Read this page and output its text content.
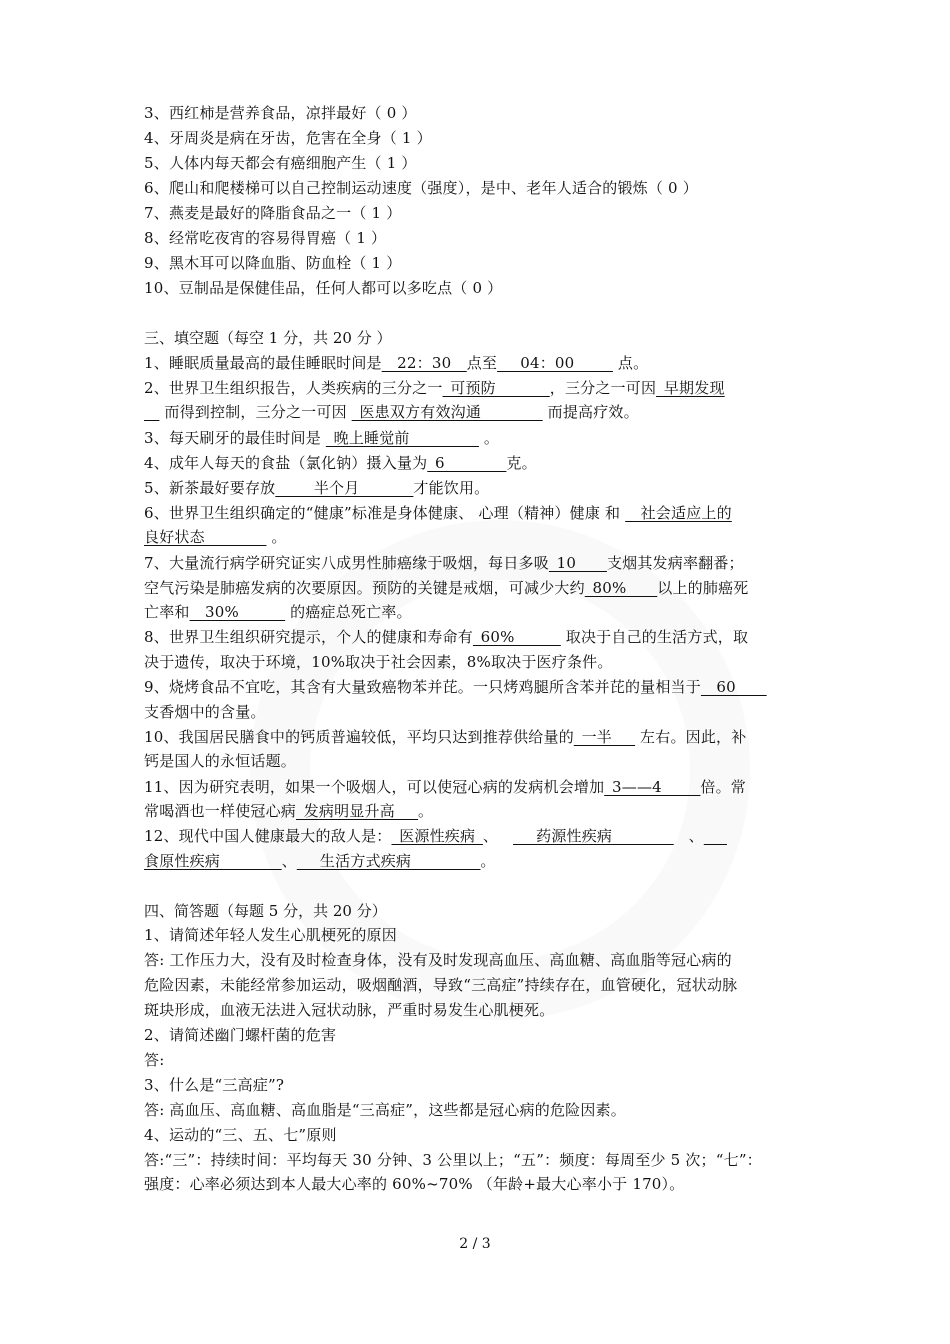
3、西红柿是营养食品，凉拌最好（ 0 ）
4、牙周炎是病在牙齿，危害在全身（ 1 ）
5、人体内每天都会有癌细胞产生（ 1 ）
6、爬山和爬楼梯可以自己控制运动速度（强度），是中、老年人适合的锻炼（ 0 ）
7、燕麦是最好的降脂食品之一（ 1 ）
8、经常吃夜宵的容易得胃癌（ 1 ）
9、黑木耳可以降血脂、防血栓（ 1 ）
10、豆制品是保健佳品，任何人都可以多吃点（ 0 ）
三、填空题（每空 1 分，共 20 分 ）
1、睡眠质量最高的最佳睡眠时间是__22：30__点至___04：00_____ 点。
2、世界卫生组织报告，人类疾病的三分之一_可预防_______，三分之一可因_早期发现
__ 而得到控制，三分之一可因 _医患双方有效沟通________ 而提高疗效。
3、每天刷牙的最佳时间是 _晚上睡觉前_________ 。
4、成年人每天的食盐（氯化钠）摄入量为_6________克。
5、新茶最好要存放_____半个月_______才能饮用。
6、世界卫生组织确定的“健康”标准是身体健康、 心理（精神）健康 和 __社会适应上的
良好状态________ 。
7、大量流行病学研究证实八成男性肺癌缘于吸烟，每日多吸_10____支烟其发病率翻番；
空气污染是肺癌发病的次要原因。预防的关键是戒烟，可减少大约_80%____以上的肺癌死
亡率和__30%______ 的癌症总死亡率。
8、世界卫生组织研究提示，个人的健康和寿命有_60%______ 取决于自己的生活方式，取
决于遗传，取决于环境，10%取决于社会因素，8%取决于医疗条件。
9、烧烤食品不宜吃，其含有大量致癌物苯并芘。一只烤鸡腿所含苯并芘的量相当于__60____
支香烟中的含量。
10、我国居民膳食中的钙质普遍较低，平均只达到推荐供给量的_一半___ 左右。因此，补
钙是国人的永恒话题。
11、因为研究表明，如果一个吸烟人，可以使冠心病的发病机会增加_3——4_____倍。常
常喝酒也一样使冠心病_发病明显升高___。
12、现代中国人健康最大的敌人是：_医源性疾病_、 ___药源性疾病________ 、___
食原性疾病________、___生活方式疾病_________。
四、简答题（每题 5 分，共 20 分）
1、请简述年轻人发生心肌梗死的原因
答: 工作压力大，没有及时检查身体，没有及时发现高血压、高血糖、高血脂等冠心病的
危险因素，未能经常参加运动，吸烟酗酒，导致“三高症”持续存在，血管硬化，冠状动脉
斑块形成，血液无法进入冠状动脉，严重时易发生心肌梗死。
2、请简述幽门螺杆菌的危害
答:
3、什么是“三高症”?
答: 高血压、高血糖、高血脂是“三高症”，这些都是冠心病的危险因素。
4、运动的“三、五、七”原则
答:“三”：持续时间：平均每天 30 分钟、3 公里以上；“五”：频度：每周至少 5 次；“七”：
强度：心率必须达到本人最大心率的 60%~70% （年龄+最大心率小于 170）。
2 / 3
